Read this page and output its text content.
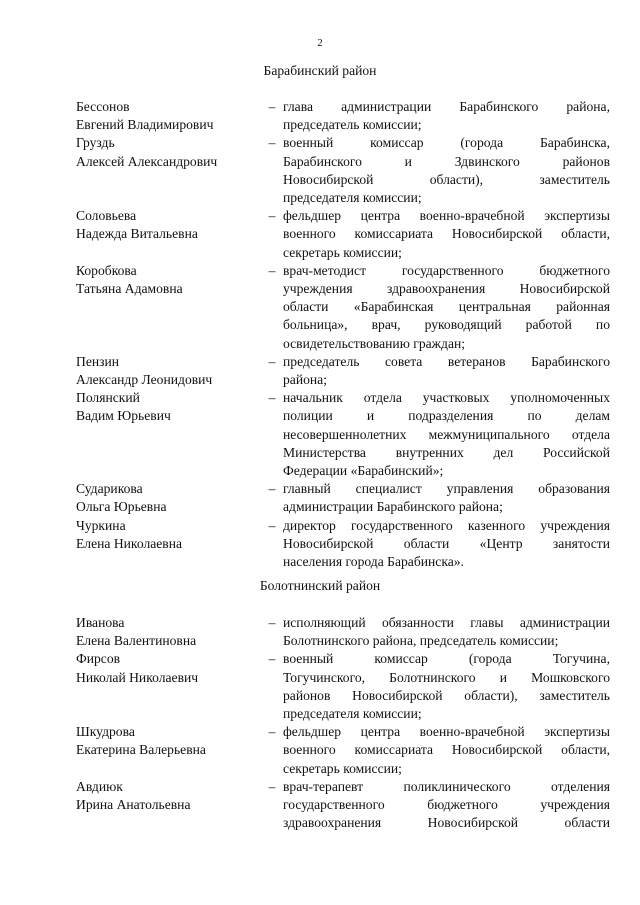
2
Барабинский район
Бессонов
Евгений Владимирович
– глава администрации Барабинского района,
председатель комиссии;
Груздь
Алексей Александрович
– военный комиссар (города Барабинска,
Барабинского и Здвинского районов
Новосибирской области), заместитель
председателя комиссии;
Соловьева
Надежда Витальевна
– фельдшер центра военно-врачебной экспертизы
военного комиссариата Новосибирской области,
секретарь комиссии;
Коробкова
Татьяна Адамовна
– врач-методист государственного бюджетного
учреждения здравоохранения Новосибирской
области «Барабинская центральная районная
больница», врач, руководящий работой по
освидетельствованию граждан;
Пензин
Александр Леонидович
– председатель совета ветеранов Барабинского
района;
Полянский
Вадим Юрьевич
– начальник отдела участковых уполномоченных
полиции и подразделения по делам
несовершеннолетних межмуниципального отдела
Министерства внутренних дел Российской
Федерации «Барабинский»;
Сударикова
Ольга Юрьевна
– главный специалист управления образования
администрации Барабинского района;
Чуркина
Елена Николаевна
– директор государственного казенного учреждения
Новосибирской области «Центр занятости
населения города Барабинска».
Болотнинский район
Иванова
Елена Валентиновна
– исполняющий обязанности главы администрации
Болотнинского района, председатель комиссии;
Фирсов
Николай Николаевич
– военный комиссар (города Тогучина,
Тогучинского, Болотнинского и Мошковского
районов Новосибирской области), заместитель
председателя комиссии;
Шкудрова
Екатерина Валерьевна
– фельдшер центра военно-врачебной экспертизы
военного комиссариата Новосибирской области,
секретарь комиссии;
Авдиюк
Ирина Анатольевна
– врач-терапевт поликлинического отделения
государственного бюджетного учреждения
здравоохранения Новосибирской области
